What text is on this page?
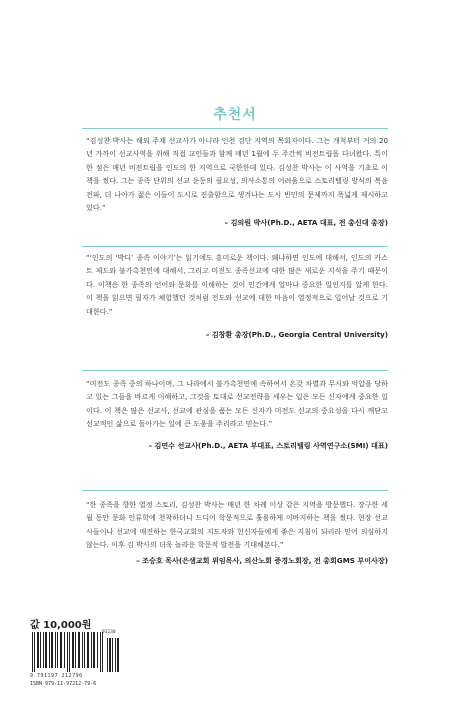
추천서

“김성찬 박사는 해외 주재 선교사가 아니라 인천 검단 지역의 목회자이다. 그는 개척부터 거의 20년 가까이 선교사역을 위해 직접 교인들과 함께 매년 1월에 두 주간씩 비전트립을 다녀왔다. 특이한 점은 매년 비전트립을 인도의 한 지역으로 국한한데 있다. 김성찬 박사는 이 사역을 기초로 이 책을 썼다. 그는 종족 단위의 선교 운동의 필요성, 의사소통의 어려움으로 스토리텔링 방식의 복음 전파, 더 나아가 젊은 이들이 도시로 진출함으로 생겨나는 도시 빈민의 문제까지 폭넓게 제시하고 있다.”

– 김의원 박사(Ph.D., AETA 대표, 전 총신대 총장)

“‘인도의 ‘박디’ 종족 이야기’는 읽기에도 흥미로운 책이다. 왜냐하면 인도에 대해서, 인도의 카스트 제도와 불가촉천민에 대해서, 그리고 미전도 종족선교에 대한 많은 새로운 지식을 주기 때문이다. 이책은 한 종족의 언어와 문화를 이해하는 것이 인간에게 얼마나 중요한 일인지를 알게 한다. 이 책을 읽으면 필자가 체험했던 것처럼 전도와 선교에 대한 마음이 열정적으로 일어날 것으로 기대한다.”

– 김창환 총장(Ph.D., Georgia Central University)

“미전도 종족 중의 하나이며, 그 나라에서 불가촉천민에 속하여서 온갖 차별과 무시와 억압을 당하고 있는 그들을 바르게 이해하고, 그것을 토대로 선교전략을 세우는 일은 모든 신자에게 중요한 일이다. 이 책은 많은 선교사, 선교에 관심을 품는 모든 신자가 미전도 선교의 중요성을 다시 깨닫고 선교적인 삶으로 돌아가는 일에 큰 도움을 주리라고 믿는다.”

– 김연수 선교사(Ph.D., AETA 부대표, 스토리텔링 사역연구소(SMI) 대표)

“한 종족을 향한 열정 스토리, 김성찬 박사는 매년 한 차례 이상 같은 지역을 방문했다. 장구한 세월 동안 문화 인류학에 천착하더니 드디어 학문적으로 훌륭하게 이바지하는 책을 썼다. 현장 선교사들이나 선교에 매진하는 한국교회의 지도자와 헌신자들에게 좋은 지침이 되리라 믿어 의심하지 않는다. 이후 김 박사의 더욱 놀라운 학문적 발전을 기대해본다.”

– 조승호 목사(은샘교회 위임목사, 의산노회 증경노회장, 전 총회GMS 부이사장)
값 10,000원
93230
9 791197 212790
ISBN 979-11-97212-79-6
